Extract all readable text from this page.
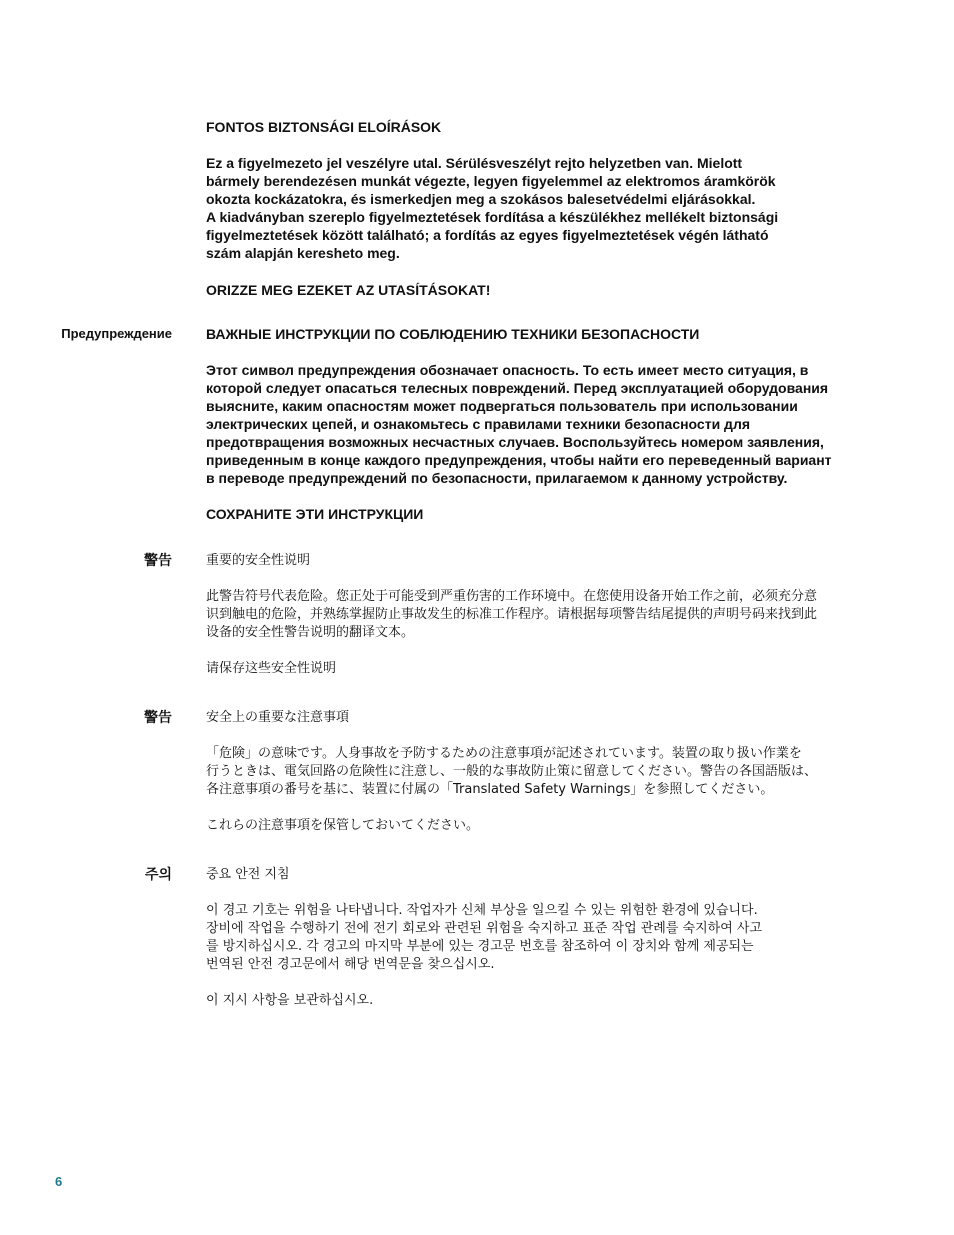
FONTOS BIZTONSÁGI ELOÍRÁSOK

Ez a figyelmezeto jel veszélyre utal. Sérülésveszélyt rejto helyzetben van. Mielott
bármely berendezésen munkát végezte, legyen figyelemmel az elektromos áramkörök
okozta kockázatokra, és ismerkedjen meg a szokásos balesetvédelmi eljárásokkal.
A kiadványban szereplo figyelmeztetések fordítása a készülékhez mellékelt biztonsági
figyelmeztetések között található; a fordítás az egyes figyelmeztetések végén látható
szám alapján kereshetо meg.

ORIZZE MEG EZEKET AZ UTASÍTÁSOKAT!

Предупреждение ВАЖНЫЕ ИНСТРУКЦИИ ПО СОБЛЮДЕНИЮ ТЕХНИКИ БЕЗОПАСНОСТИ

Этот символ предупреждения обозначает опасность. То есть имеет место ситуация, в
которой следует опасаться телесных повреждений. Перед эксплуатацией оборудования
выясните, каким опасностям может подвергаться пользователь при использовании
электрических цепей, и ознакомьтесь с правилами техники безопасности для
предотвращения возможных несчастных случаев. Воспользуйтесь номером заявления,
приведенным в конце каждого предупреждения, чтобы найти его переведенный вариант
в переводе предупреждений по безопасности, прилагаемом к данному устройству.

СОХРАНИТЕ ЭТИ ИНСТРУКЦИИ

警告	重要的安全性说明

此警告符号代表危险。您正处于可能受到严重伤害的工作环境中。在您使用设备开始工作之前，必须充分意
识到触电的危险，并熟练掌握防止事故发生的标准工作程序。请根据每项警告结尾提供的声明号码来找到此
设备的安全性警告说明的翻译文本。

请保存这些安全性说明

警告	安全上の重要な注意事項

「危険」の意味です。人身事故を予防するための注意事項が記述されています。装置の取り扱い作業を
行うときは、電気回路の危険性に注意し、一般的な事故防止策に留意してください。警告の各国語版は、
各注意事項の番号を基に、装置に付属の「Translated Safety Warnings」を参照してください。

これらの注意事項を保管しておいてください。

주의	중요 안전 지침

이 경고 기호는 위험을 나타냅니다. 작업자가 신체 부상을 일으킬 수 있는 위험한 환경에 있습니다.
장비에 작업을 수행하기 전에 전기 회로와 관련된 위험을 숙지하고 표준 작업 관례를 숙지하여 사고
를 방지하십시오. 각 경고의 마지막 부분에 있는 경고문 번호를 참조하여 이 장치와 함께 제공되는
번역된 안전 경고문에서 해당 번역문을 찾으십시오.

이 지시 사항을 보관하십시오.

6
